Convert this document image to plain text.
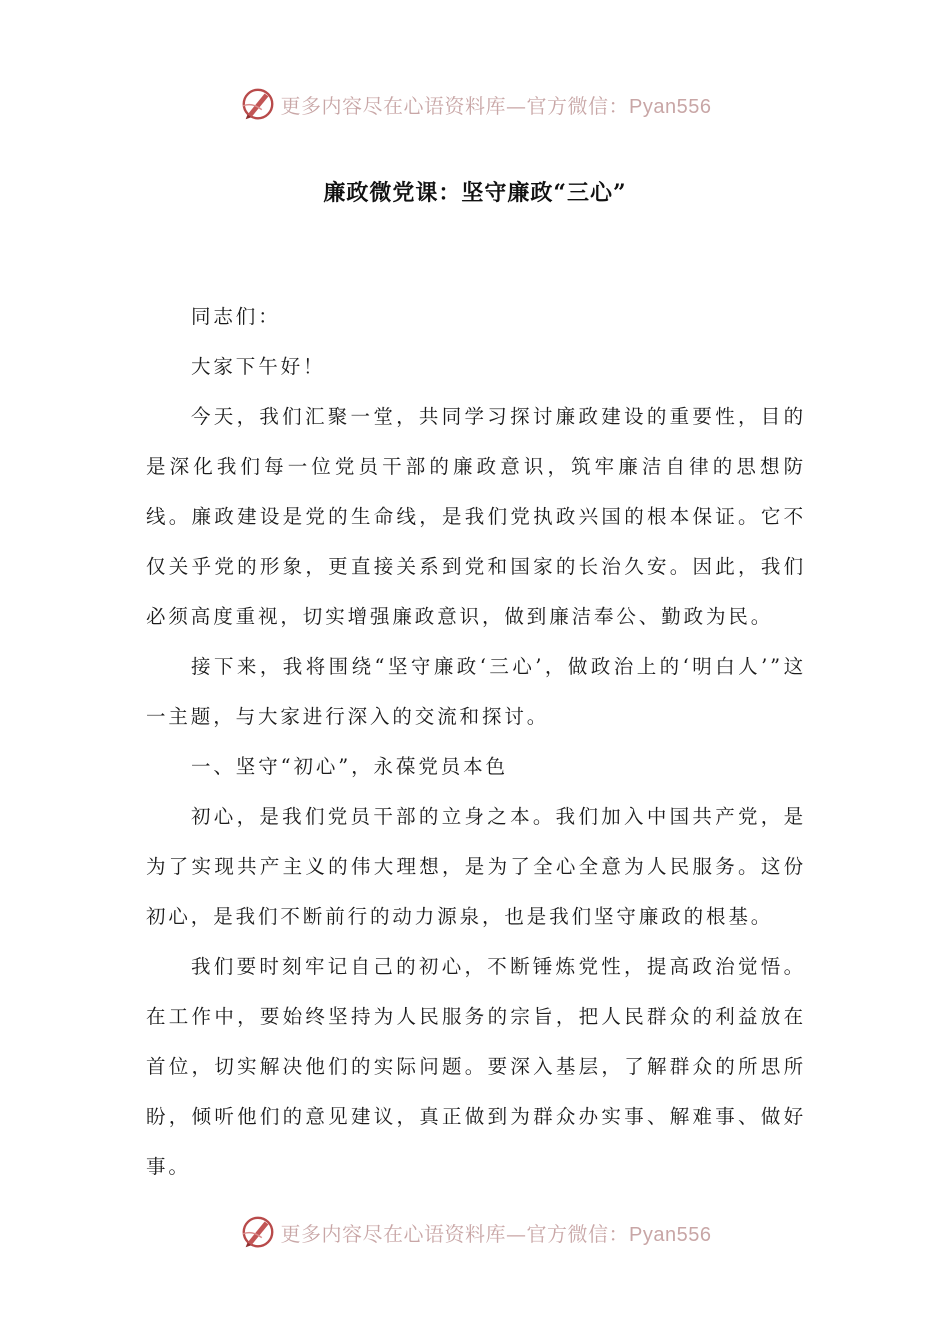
更多内容尽在心语资料库—官方微信：Pyan556
廉政微党课：坚守廉政“三心”

同志们：

大家下午好！

今天，我们汇聚一堂，共同学习探讨廉政建设的重要性，目的是深化我们每一位党员干部的廉政意识，筑牢廉洁自律的思想防线。廉政建设是党的生命线，是我们党执政兴国的根本保证。它不仅关乎党的形象，更直接关系到党和国家的长治久安。因此，我们必须高度重视，切实增强廉政意识，做到廉洁奉公、勤政为民。

接下来，我将围绕“坚守廉政‘三心’，做政治上的‘明白人’”这一主题，与大家进行深入的交流和探讨。

一、坚守“初心”，永葆党员本色

初心，是我们党员干部的立身之本。我们加入中国共产党，是为了实现共产主义的伟大理想，是为了全心全意为人民服务。这份初心，是我们不断前行的动力源泉，也是我们坚守廉政的根基。

我们要时刻牢记自己的初心，不断锤炼党性，提高政治觉悟。在工作中，要始终坚持为人民服务的宗旨，把人民群众的利益放在首位，切实解决他们的实际问题。要深入基层，了解群众的所思所盼，倾听他们的意见建议，真正做到为群众办实事、解难事、做好事。

更多内容尽在心语资料库—官方微信：Pyan556
